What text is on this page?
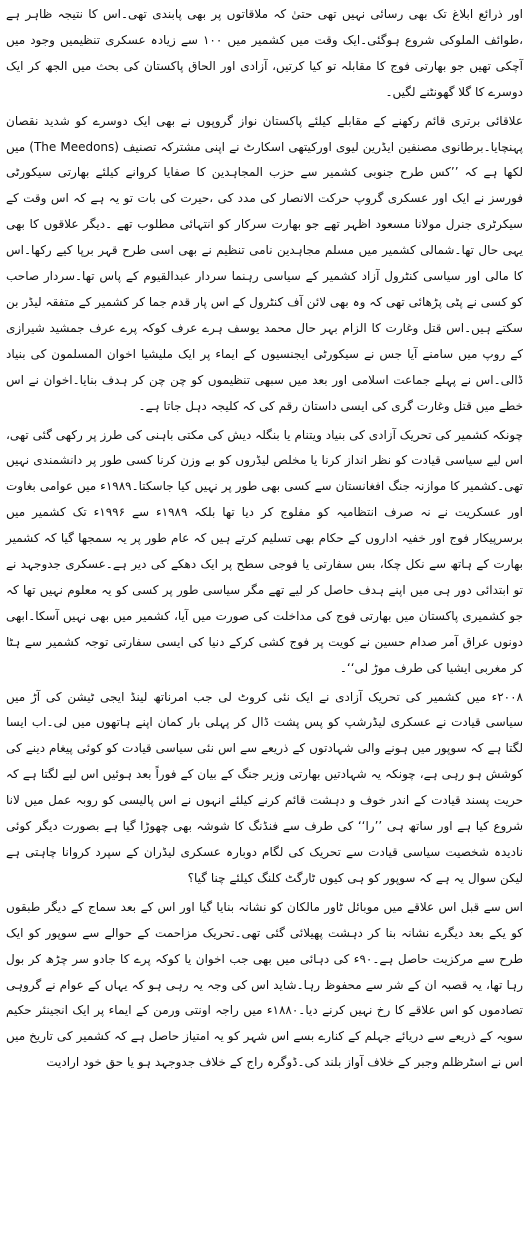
اور ذرائع ابلاغ تک بھی رسائی نہیں تھی حتیٰ کہ ملاقاتوں پر بھی پابندی تھی۔اس کا نتیجہ ظاہر ہے ،طوائف الملوکی شروع ہوگئی۔ایک وقت میں کشمیر میں ۱۰۰ سے زیادہ عسکری تنظیمیں وجود میں آچکی تھیں جو بھارتی فوج کا مقابلہ تو کیا کرتیں، آزادی اور الحاق پاکستان کی بحث میں الجھ کر ایک دوسرے کا گلا گھونٹنے لگیں۔

علاقائی برتری قائم رکھنے کے مقابلے کیلئے پاکستان نواز گروپوں نے بھی ایک دوسرے کو شدید نقصان پہنچایا۔برطانوی مصنفین ایڈرین لیوی اورکیتھی اسکارٹ نے اپنی مشترکہ تصنیف (The Meedons) میں لکھا ہے کہ ’’کس طرح جنوبی کشمیر سے حزب المجاہدین کا صفایا کروانے کیلئے بھارتی سیکورٹی فورسز نے ایک اور عسکری گروپ حرکت الانصار کی مدد کی ،حیرت کی بات تو یہ ہے کہ اس وقت کے سیکرٹری جنرل مولانا مسعود اظہر تھے جو بھارت سرکار کو انتہائی مطلوب تھے ۔دیگر علاقوں کا بھی یہی حال تھا۔شمالی کشمیر میں مسلم مجاہدین نامی تنظیم نے بھی اسی طرح قہر برپا کیے رکھا۔اس کا مالی اور سیاسی کنٹرول آزاد کشمیر کے سیاسی رہنما سردار عبدالقیوم کے پاس تھا۔سردار صاحب کو کسی نے پٹی پڑھائی تھی کہ وہ بھی لائن آف کنٹرول کے اس پار قدم جما کر کشمیر کے متفقہ لیڈر بن سکتے ہیں۔اس قتل وغارت کا الزام بہر حال محمد یوسف ہرے عرف کوکہ پرے عرف جمشید شیرازی کے روپ میں سامنے آیا جس نے سیکورٹی ایجنسیوں کے ایماء پر ایک ملیشیا اخوان المسلمون کی بنیاد ڈالی۔اس نے پہلے جماعت اسلامی اور بعد میں سبھی تنظیموں کو چن چن کر ہدف بنایا۔اخوان نے اس خطے میں قتل وغارت گری کی ایسی داستان رقم کی کہ کلیجہ دہل جاتا ہے۔

چونکہ کشمیر کی تحریک آزادی کی بنیاد ویتنام یا بنگلہ دیش کی مکتی باہنی کی طرز پر رکھی گئی تھی، اس لیے سیاسی قیادت کو نظر انداز کرنا یا مخلص لیڈروں کو بے وزن کرنا کسی طور پر دانشمندی نہیں تھی۔کشمیر کا موازنہ جنگ افغانستان سے کسی بھی طور پر نہیں کیا جاسکتا۔۱۹۸۹ء میں عوامی بغاوت اور عسکریت نے نہ صرف انتظامیہ کو مفلوج کر دیا تھا بلکہ ۱۹۸۹ء سے ۱۹۹۶ء تک کشمیر میں برسرپیکار فوج اور خفیہ اداروں کے حکام بھی تسلیم کرتے ہیں کہ عام طور پر یہ سمجھا گیا کہ کشمیر بھارت کے ہاتھ سے نکل چکا، بس سفارتی یا فوجی سطح پر ایک دھکے کی دیر ہے۔عسکری جدوجہد نے تو ابتدائی دور ہی میں اپنے ہدف حاصل کر لیے تھے مگر سیاسی طور پر کسی کو یہ معلوم نہیں تھا کہ جو کشمیری پاکستان میں بھارتی فوج کی مداخلت کی صورت میں آیا، کشمیر میں بھی نہیں آسکا۔ابھی دونوں عراق آمر صدام حسین نے کویت پر فوج کشی کرکے دنیا کی ایسی سفارتی توجہ کشمیر سے ہٹا کر مغربی ایشیا کی طرف موڑ لی‘‘۔

۲۰۰۸ء میں کشمیر کی تحریک آزادی نے ایک نئی کروٹ لی جب امرناتھ لینڈ ایجی ٹیشن کی آڑ میں سیاسی قیادت نے عسکری لیڈرشپ کو پس پشت ڈال کر پہلی بار کمان اپنے ہاتھوں میں لی۔اب ایسا لگتا ہے کہ سوپور میں ہونے والی شہادتوں کے ذریعے سے اس نئی سیاسی قیادت کو کوئی پیغام دینے کی کوشش ہو رہی ہے، چونکہ یہ شہادتیں بھارتی وزیر جنگ کے بیان کے فوراً بعد ہوئیں اس لیے لگتا ہے کہ حریت پسند قیادت کے اندر خوف و دہشت قائم کرنے کیلئے انہوں نے اس پالیسی کو روبہ عمل میں لانا شروع کیا ہے اور ساتھ ہی ’’را‘‘ کی طرف سے فنڈنگ کا شوشہ بھی چھوڑا گیا ہے بصورت دیگر کوئی نادیدہ شخصیت سیاسی قیادت سے تحریک کی لگام دوبارہ عسکری لیڈران کے سپرد کروانا چاہتی ہے لیکن سوال یہ ہے کہ سوپور کو ہی کیوں ٹارگٹ کلنگ کیلئے چنا گیا؟

اس سے قبل اس علاقے میں موبائل ٹاور مالکان کو نشانہ بنایا گیا اور اس کے بعد سماج کے دیگر طبقوں کو یکے بعد دیگرے نشانہ بنا کر دہشت پھیلائی گئی تھی۔تحریک مزاحمت کے حوالے سے سوپور کو ایک طرح سے مرکزیت حاصل ہے۔۹۰ء کی دہائی میں بھی جب اخوان یا کوکہ پرے کا جادو سر چڑھ کر بول رہا تھا، یہ قصبہ ان کے شر سے محفوظ رہا۔شاید اس کی وجہ یہ رہی ہو کہ یہاں کے عوام نے گروہی تصادموں کو اس علاقے کا رخ نہیں کرنے دیا۔۱۸۸۰ء میں راجہ اونتی ورمن کے ایماء پر ایک انجینئر حکیم سویہ کے ذریعے سے دریائے جہلم کے کنارے بسے اس شہر کو یہ امتیاز حاصل ہے کہ کشمیر کی تاریخ میں اس نے اسٹرظلم وجبر کے خلاف آواز بلند کی۔ڈوگرہ راج کے خلاف جدوجہد ہو یا حق خود ارادیت
